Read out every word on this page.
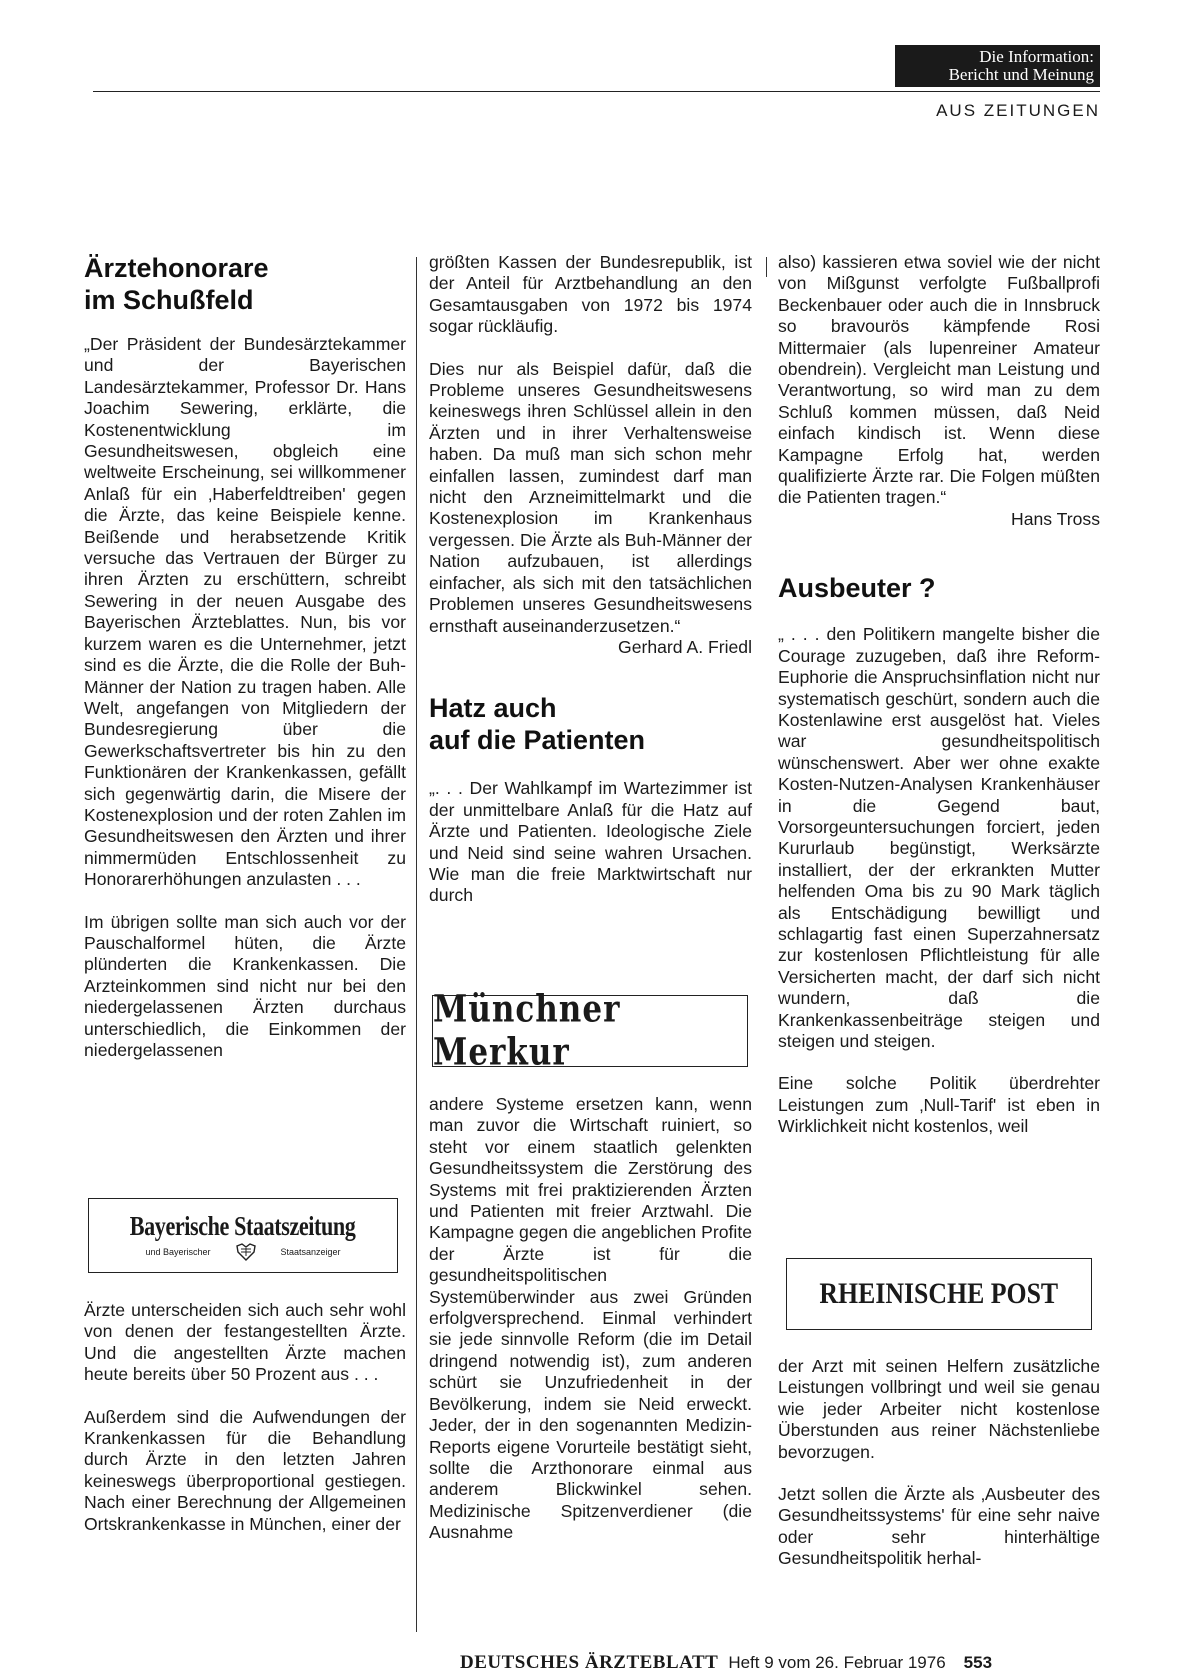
Die Information:
Bericht und Meinung
AUS ZEITUNGEN
Ärztehonorare
im Schußfeld

„Der Präsident der Bundesärztekammer und der Bayerischen Landesärztekammer, Professor Dr. Hans Joachim Sewering, erklärte, die Kostenentwicklung im Gesundheitswesen, obgleich eine weltweite Erscheinung, sei willkommener Anlaß für ein ‚Haberfeldtreiben' gegen die Ärzte, das keine Beispiele kenne. Beißende und herabsetzende Kritik versuche das Vertrauen der Bürger zu ihren Ärzten zu erschüttern, schreibt Sewering in der neuen Ausgabe des Bayerischen Ärzteblattes. Nun, bis vor kurzem waren es die Unternehmer, jetzt sind es die Ärzte, die die Rolle der Buh-Männer der Nation zu tragen haben. Alle Welt, angefangen von Mitgliedern der Bundesregierung über die Gewerkschaftsvertreter bis hin zu den Funktionären der Krankenkassen, gefällt sich gegenwärtig darin, die Misere der Kostenexplosion und der roten Zahlen im Gesundheitswesen den Ärzten und ihrer nimmermüden Entschlossenheit zu Honorarerhöhungen anzulasten . . .

Im übrigen sollte man sich auch vor der Pauschalformel hüten, die Ärzte plünderten die Krankenkassen. Die Arzteinkommen sind nicht nur bei den niedergelassenen Ärzten durchaus unterschiedlich, die Einkommen der niedergelassenen

Bayerische Staatszeitung
und Bayerischer	Staatsanzeiger

Ärzte unterscheiden sich auch sehr wohl von denen der festangestellten Ärzte. Und die angestellten Ärzte machen heute bereits über 50 Prozent aus . . .

Außerdem sind die Aufwendungen der Krankenkassen für die Behandlung durch Ärzte in den letzten Jahren keineswegs überproportional gestiegen. Nach einer Berechnung der Allgemeinen Ortskrankenkasse in München, einer der

größten Kassen der Bundesrepublik, ist der Anteil für Arztbehandlung an den Gesamtausgaben von 1972 bis 1974 sogar rückläufig.

Dies nur als Beispiel dafür, daß die Probleme unseres Gesundheitswesens keineswegs ihren Schlüssel allein in den Ärzten und in ihrer Verhaltensweise haben. Da muß man sich schon mehr einfallen lassen, zumindest darf man nicht den Arzneimittelmarkt und die Kostenexplosion im Krankenhaus vergessen. Die Ärzte als Buh-Männer der Nation aufzubauen, ist allerdings einfacher, als sich mit den tatsächlichen Problemen unseres Gesundheitswesens ernsthaft auseinanderzusetzen.“

Gerhard A. Friedl
Hatz auch
auf die Patienten

„. . . Der Wahlkampf im Wartezimmer ist der unmittelbare Anlaß für die Hatz auf Ärzte und Patienten. Ideologische Ziele und Neid sind seine wahren Ursachen. Wie man die freie Marktwirtschaft nur durch

Münchner Merkur

andere Systeme ersetzen kann, wenn man zuvor die Wirtschaft ruiniert, so steht vor einem staatlich gelenkten Gesundheitssystem die Zerstörung des Systems mit frei praktizierenden Ärzten und Patienten mit freier Arztwahl. Die Kampagne gegen die angeblichen Profite der Ärzte ist für die gesundheitspolitischen Systemüberwinder aus zwei Gründen erfolgversprechend. Einmal verhindert sie jede sinnvolle Reform (die im Detail dringend notwendig ist), zum anderen schürt sie Unzufriedenheit in der Bevölkerung, indem sie Neid erweckt. Jeder, der in den sogenannten Medizin-Reports eigene Vorurteile bestätigt sieht, sollte die Arzthonorare einmal aus anderem Blickwinkel sehen. Medizinische Spitzenverdiener (die Ausnahme

also) kassieren etwa soviel wie der nicht von Mißgunst verfolgte Fußballprofi Beckenbauer oder auch die in Innsbruck so bravourös kämpfende Rosi Mittermaier (als lupenreiner Amateur obendrein). Vergleicht man Leistung und Verantwortung, so wird man zu dem Schluß kommen müssen, daß Neid einfach kindisch ist. Wenn diese Kampagne Erfolg hat, werden qualifizierte Ärzte rar. Die Folgen müßten die Patienten tragen.“

Hans Tross
Ausbeuter ?

„ . . . den Politikern mangelte bisher die Courage zuzugeben, daß ihre Reform-Euphorie die Anspruchsinflation nicht nur systematisch geschürt, sondern auch die Kostenlawine erst ausgelöst hat. Vieles war gesundheitspolitisch wünschenswert. Aber wer ohne exakte Kosten-Nutzen-Analysen Krankenhäuser in die Gegend baut, Vorsorgeuntersuchungen forciert, jeden Kururlaub begünstigt, Werksärzte installiert, der der erkrankten Mutter helfenden Oma bis zu 90 Mark täglich als Entschädigung bewilligt und schlagartig fast einen Superzahnersatz zur kostenlosen Pflichtleistung für alle Versicherten macht, der darf sich nicht wundern, daß die Krankenkassenbeiträge steigen und steigen und steigen.

Eine solche Politik überdrehter Leistungen zum ‚Null-Tarif' ist eben in Wirklichkeit nicht kostenlos, weil

RHEINISCHE POST

der Arzt mit seinen Helfern zusätzliche Leistungen vollbringt und weil sie genau wie jeder Arbeiter nicht kostenlose Überstunden aus reiner Nächstenliebe bevorzugen.

Jetzt sollen die Ärzte als ‚Ausbeuter des Gesundheitssystems' für eine sehr naive oder sehr hinterhältige Gesundheitspolitik herhal-

DEUTSCHES ÄRZTEBLATT Heft 9 vom 26. Februar 1976 553
